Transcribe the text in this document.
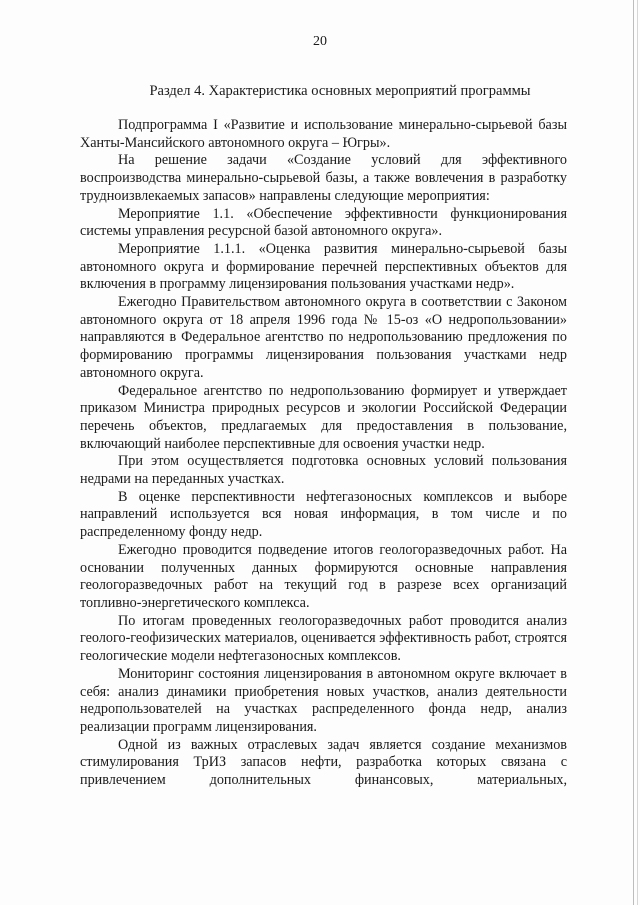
20
Раздел 4. Характеристика основных мероприятий программы

Подпрограмма I «Развитие и использование минерально-сырьевой базы Ханты-Мансийского автономного округа – Югры».

На решение задачи «Создание условий для эффективного воспроизводства минерально-сырьевой базы, а также вовлечения в разработку трудноизвлекаемых запасов» направлены следующие мероприятия:

Мероприятие 1.1. «Обеспечение эффективности функционирования системы управления ресурсной базой автономного округа».

Мероприятие 1.1.1. «Оценка развития минерально-сырьевой базы автономного округа и формирование перечней перспективных объектов для включения в программу лицензирования пользования участками недр».

Ежегодно Правительством автономного округа в соответствии с Законом автономного округа от 18 апреля 1996 года № 15-оз «О недропользовании» направляются в Федеральное агентство по недропользованию предложения по формированию программы лицензирования пользования участками недр автономного округа.

Федеральное агентство по недропользованию формирует и утверждает приказом Министра природных ресурсов и экологии Российской Федерации перечень объектов, предлагаемых для предоставления в пользование, включающий наиболее перспективные для освоения участки недр.

При этом осуществляется подготовка основных условий пользования недрами на переданных участках.

В оценке перспективности нефтегазоносных комплексов и выборе направлений используется вся новая информация, в том числе и по распределенному фонду недр.

Ежегодно проводится подведение итогов геологоразведочных работ. На основании полученных данных формируются основные направления геологоразведочных работ на текущий год в разрезе всех организаций топливно-энергетического комплекса.

По итогам проведенных геологоразведочных работ проводится анализ геолого-геофизических материалов, оценивается эффективность работ, строятся геологические модели нефтегазоносных комплексов.

Мониторинг состояния лицензирования в автономном округе включает в себя: анализ динамики приобретения новых участков, анализ деятельности недропользователей на участках распределенного фонда недр, анализ реализации программ лицензирования.

Одной из важных отраслевых задач является создание механизмов стимулирования ТрИЗ запасов нефти, разработка которых связана с привлечением дополнительных финансовых, материальных,
